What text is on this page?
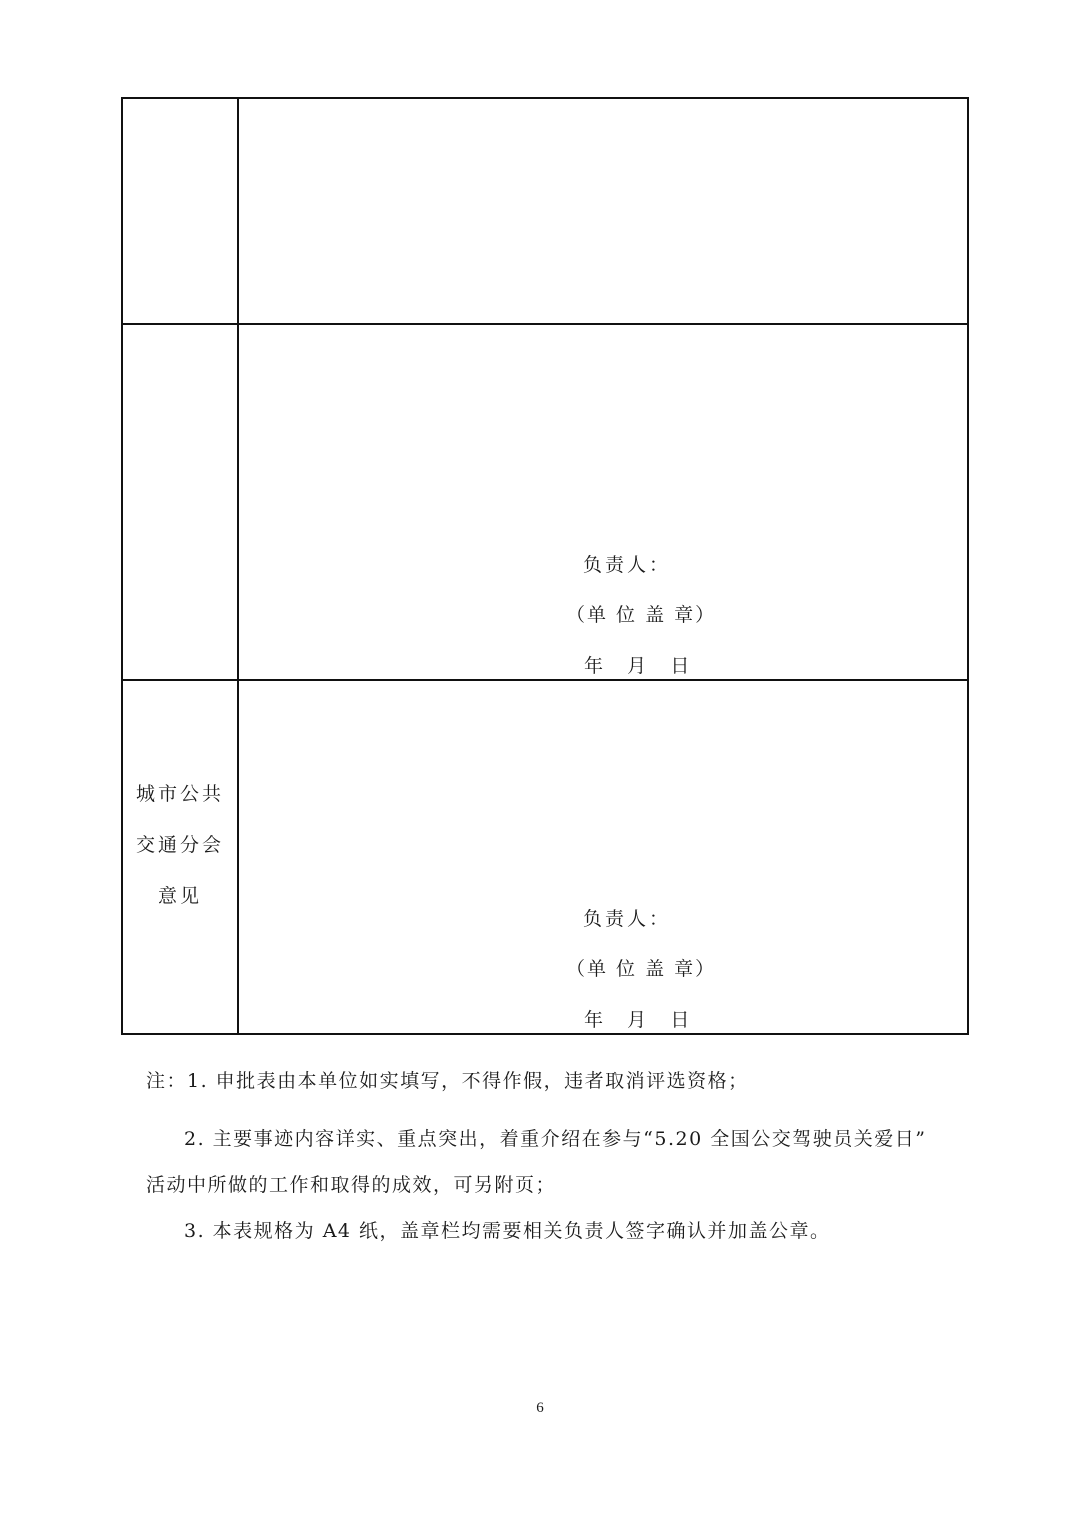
负责人：
（单 位 盖 章）
年    月    日
城市公共
交通分会
意见
负责人：
（单 位 盖 章）
年    月    日
注：1. 申批表由本单位如实填写，不得作假，违者取消评选资格；
2. 主要事迹内容详实、重点突出，着重介绍在参与“5.20 全国公交驾驶员关爱日”
活动中所做的工作和取得的成效，可另附页；
3. 本表规格为 A4 纸，盖章栏均需要相关负责人签字确认并加盖公章。
6
